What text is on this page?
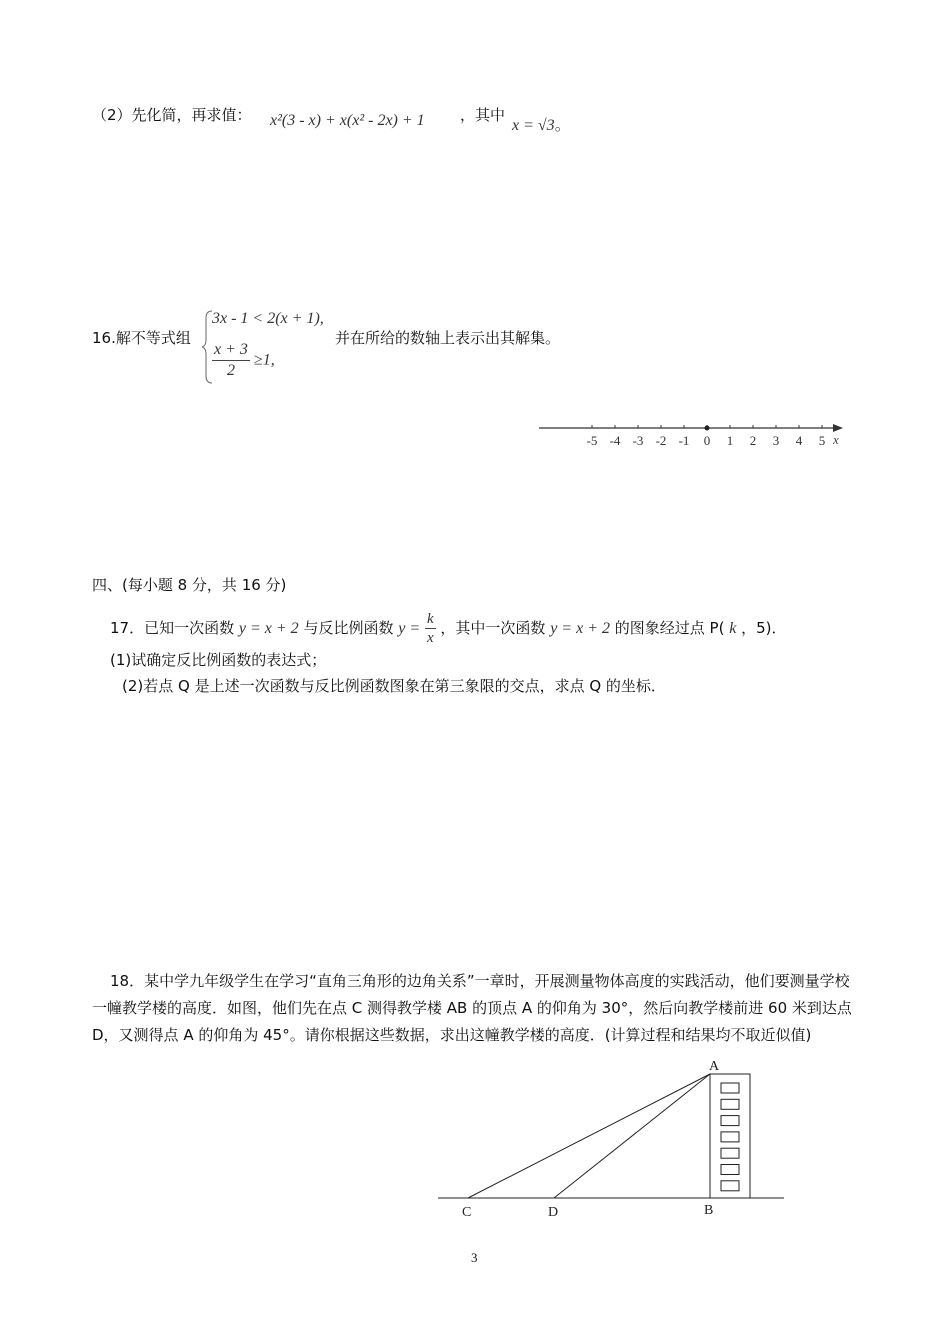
（2）先化简，再求值： x²(3 - x) + x(x² - 2x) + 1 ，其中
x = √3。
16.解不等式组
3x - 1 < 2(x + 1),
$\frac{x + 3}{2} \ge 1$,
并在所给的数轴上表示出其解集。
-5 -4 -3 -2 -1 0 1 2 3 4 5 x
四、(每小题 8 分，共 16 分)
17．已知一次函数 y = x + 2 与反比例函数 $y = \frac{k}{x}$ ，其中一次函数 y = x + 2 的图象经过点 P( k ，5)．
(1)试确定反比例函数的表达式；
(2)若点 Q 是上述一次函数与反比例函数图象在第三象限的交点，求点 Q 的坐标．
18．某中学九年级学生在学习“直角三角形的边角关系”一章时，开展测量物体高度的实践活动，他们要测量学校一幢教学楼的高度．如图，他们先在点 C 测得教学楼 AB 的顶点 A 的仰角为 30°，然后向教学楼前进 60 米到达点 D，又测得点 A 的仰角为 45°。请你根据这些数据，求出这幢教学楼的高度．(计算过程和结果均不取近似值)
A
B
C	D
3
